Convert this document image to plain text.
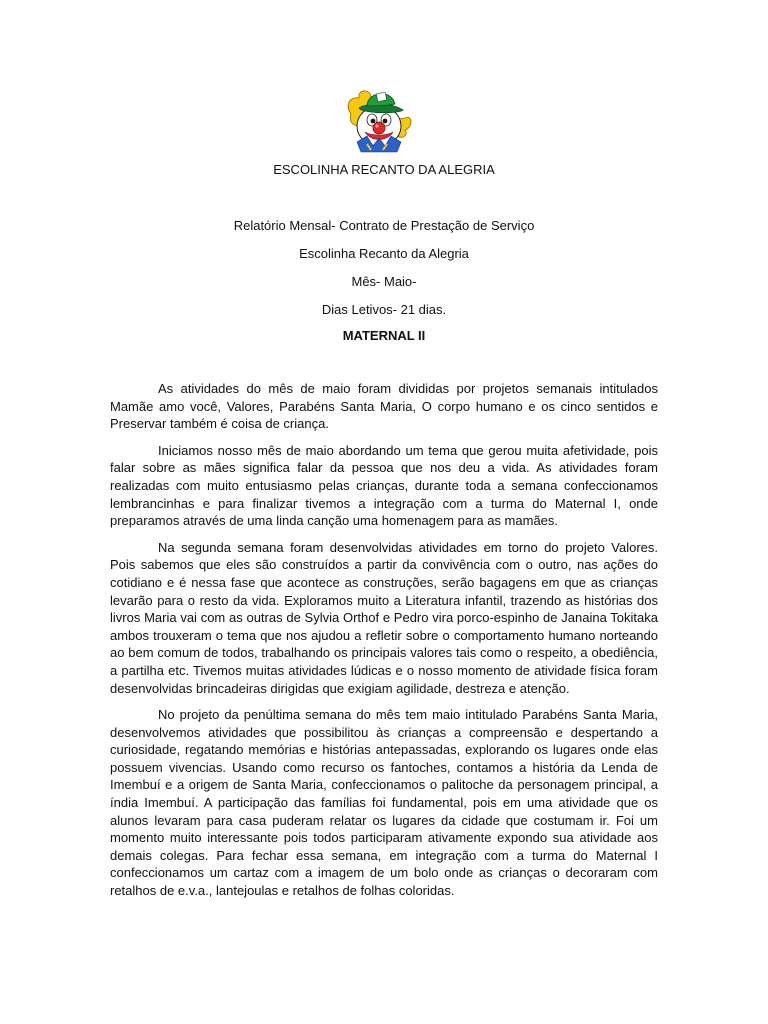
ESCOLINHA RECANTO DA ALEGRIA
Relatório Mensal- Contrato de Prestação de Serviço
Escolinha Recanto da Alegria
Mês- Maio-
Dias Letivos- 21 dias.
MATERNAL II

As atividades do mês de maio foram divididas por projetos semanais intitulados Mamãe amo você, Valores, Parabéns Santa Maria, O corpo humano e os cinco sentidos e Preservar também é coisa de criança.

Iniciamos nosso mês de maio abordando um tema que gerou muita afetividade, pois falar sobre as mães significa falar da pessoa que nos deu a vida. As atividades foram realizadas com muito entusiasmo pelas crianças, durante toda a semana confeccionamos lembrancinhas e para finalizar tivemos a integração com a turma do Maternal I, onde preparamos através de uma linda canção uma homenagem para as mamães.

Na segunda semana foram desenvolvidas atividades em torno do projeto Valores. Pois sabemos que eles são construídos a partir da convivência com o outro, nas ações do cotidiano e é nessa fase que acontece as construções, serão bagagens em que as crianças levarão para o resto da vida. Exploramos muito a Literatura infantil, trazendo as histórias dos livros Maria vai com as outras de Sylvia Orthof e Pedro vira porco-espinho de Janaina Tokitaka ambos trouxeram o tema que nos ajudou a refletir sobre o comportamento humano norteando ao bem comum de todos, trabalhando os principais valores tais como o respeito, a obediência, a partilha etc. Tivemos muitas atividades lúdicas e o nosso momento de atividade física foram desenvolvidas brincadeiras dirigidas que exigiam agilidade, destreza e atenção.

No projeto da penúltima semana do mês tem maio intitulado Parabéns Santa Maria, desenvolvemos atividades que possibilitou às crianças a compreensão e despertando a curiosidade, regatando memórias e histórias antepassadas, explorando os lugares onde elas possuem vivencias. Usando como recurso os fantoches, contamos a história da Lenda de Imembuí e a origem de Santa Maria, confeccionamos o palitoche da personagem principal, a índia Imembuí. A participação das famílias foi fundamental, pois em uma atividade que os alunos levaram para casa puderam relatar os lugares da cidade que costumam ir. Foi um momento muito interessante pois todos participaram ativamente expondo sua atividade aos demais colegas. Para fechar essa semana, em integração com a turma do Maternal I confeccionamos um cartaz com a imagem de um bolo onde as crianças o decoraram com retalhos de e.v.a., lantejoulas e retalhos de folhas coloridas.
